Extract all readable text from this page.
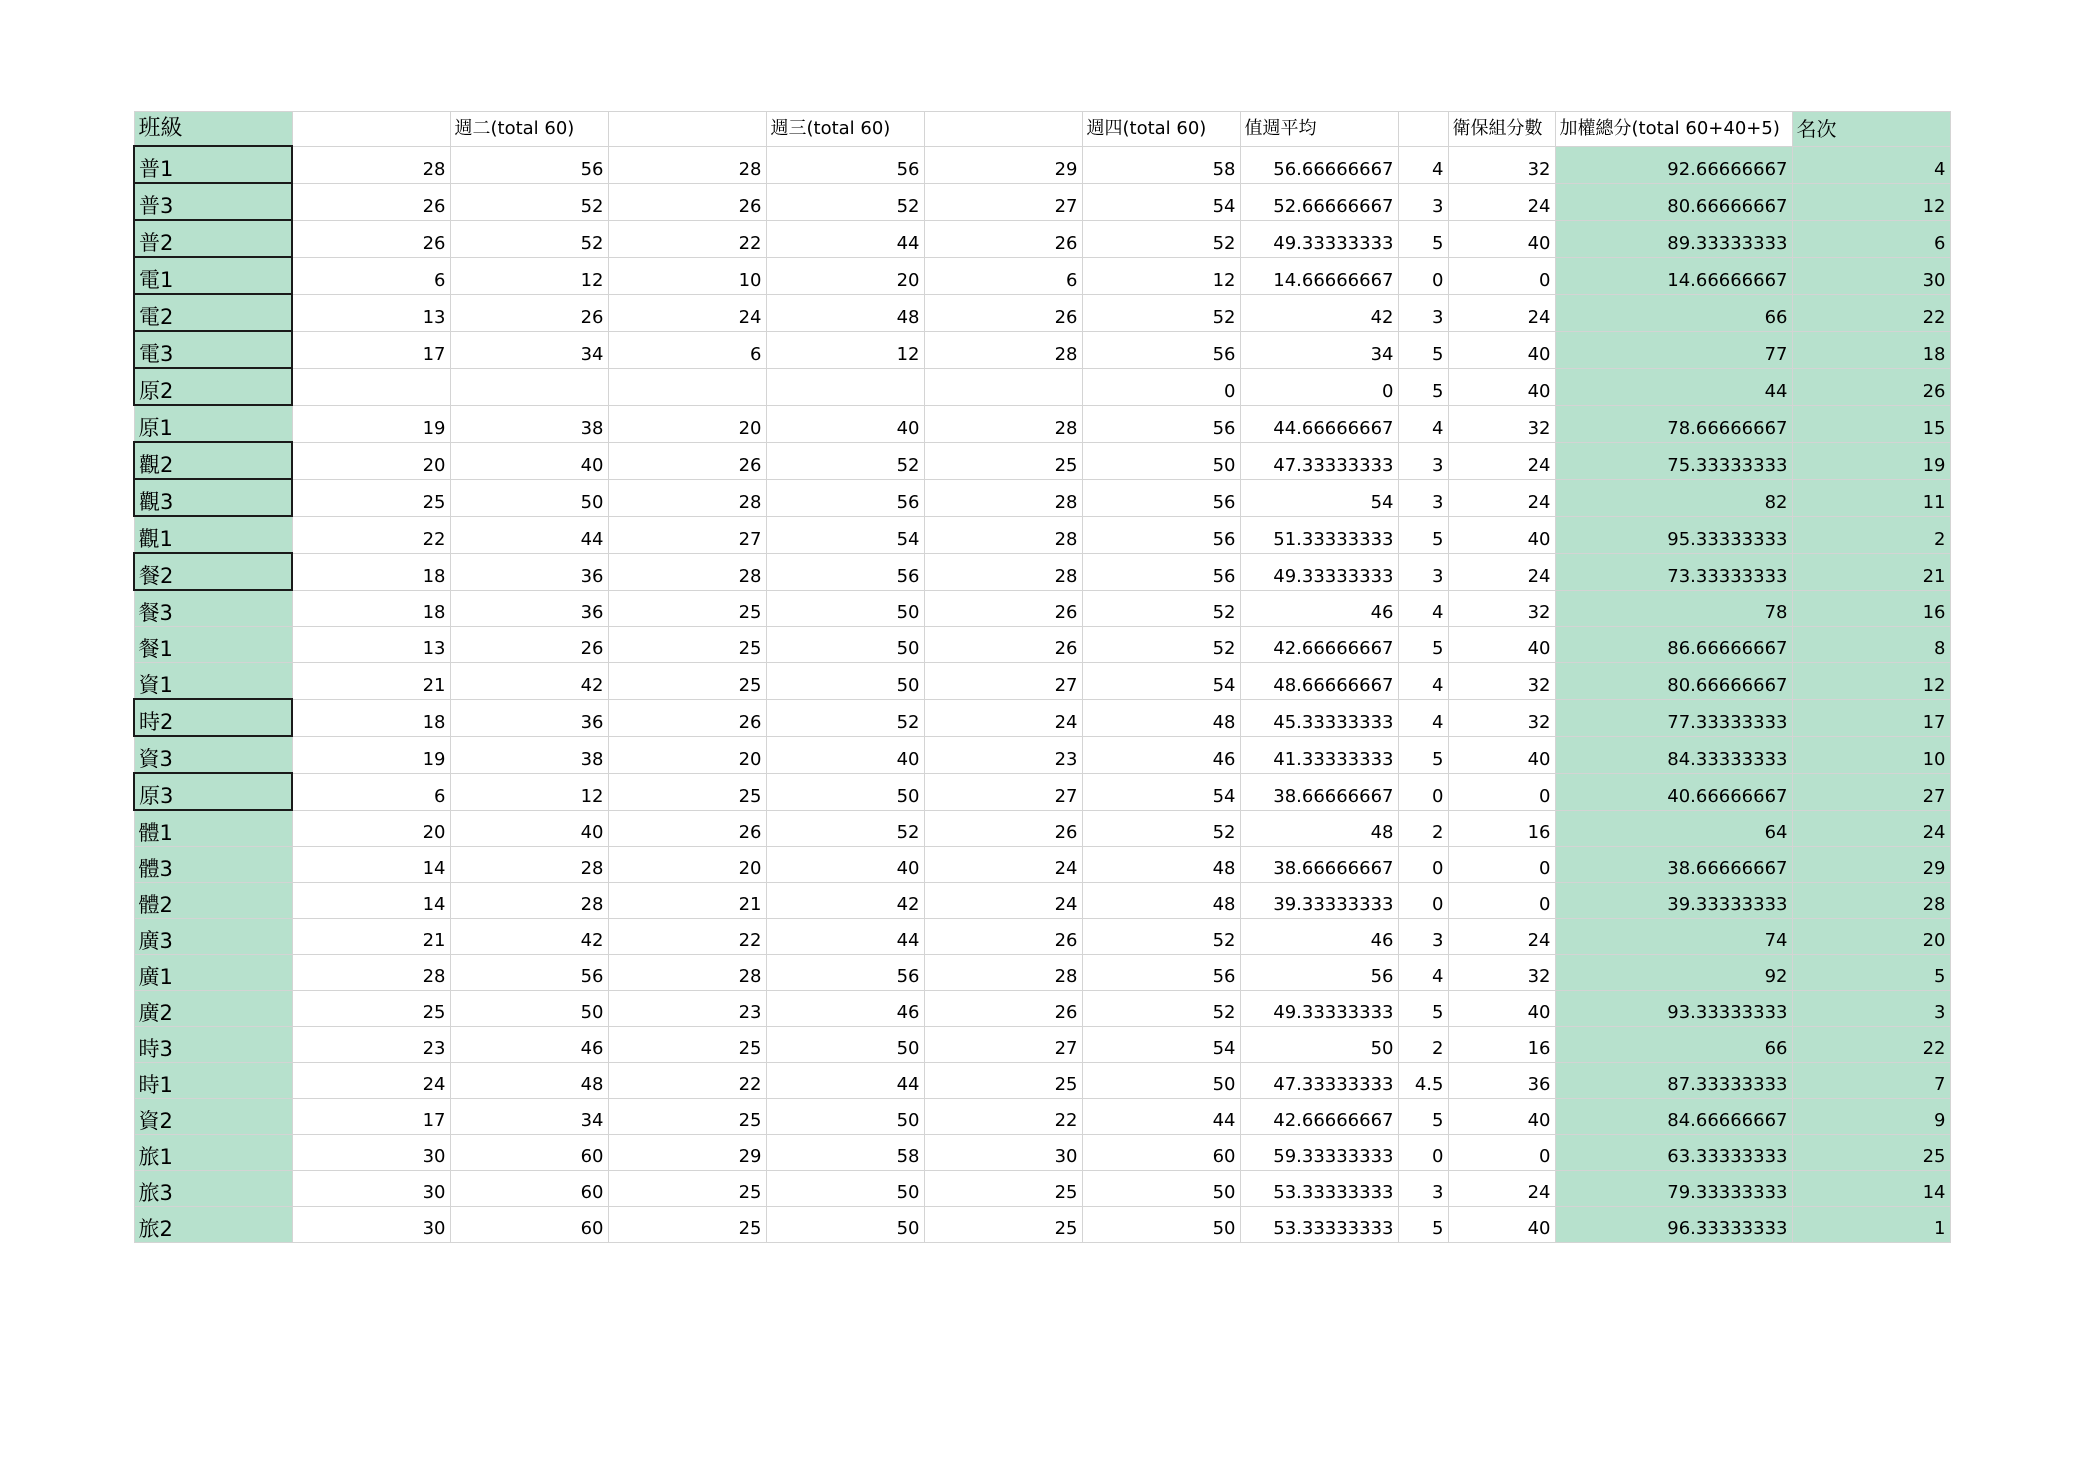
班級		週二(total 60)		週三(total 60)		週四(total 60)	值週平均		衛保組分數	加權總分(total 60+40+5)	名次
普1	28	56	28	56	29	58	56.66666667	4	32	92.66666667	4
普3	26	52	26	52	27	54	52.66666667	3	24	80.66666667	12
普2	26	52	22	44	26	52	49.33333333	5	40	89.33333333	6
電1	6	12	10	20	6	12	14.66666667	0	0	14.66666667	30
電2	13	26	24	48	26	52	42	3	24	66	22
電3	17	34	6	12	28	56	34	5	40	77	18
原2						0	0	5	40	44	26
原1	19	38	20	40	28	56	44.66666667	4	32	78.66666667	15
觀2	20	40	26	52	25	50	47.33333333	3	24	75.33333333	19
觀3	25	50	28	56	28	56	54	3	24	82	11
觀1	22	44	27	54	28	56	51.33333333	5	40	95.33333333	2
餐2	18	36	28	56	28	56	49.33333333	3	24	73.33333333	21
餐3	18	36	25	50	26	52	46	4	32	78	16
餐1	13	26	25	50	26	52	42.66666667	5	40	86.66666667	8
資1	21	42	25	50	27	54	48.66666667	4	32	80.66666667	12
時2	18	36	26	52	24	48	45.33333333	4	32	77.33333333	17
資3	19	38	20	40	23	46	41.33333333	5	40	84.33333333	10
原3	6	12	25	50	27	54	38.66666667	0	0	40.66666667	27
體1	20	40	26	52	26	52	48	2	16	64	24
體3	14	28	20	40	24	48	38.66666667	0	0	38.66666667	29
體2	14	28	21	42	24	48	39.33333333	0	0	39.33333333	28
廣3	21	42	22	44	26	52	46	3	24	74	20
廣1	28	56	28	56	28	56	56	4	32	92	5
廣2	25	50	23	46	26	52	49.33333333	5	40	93.33333333	3
時3	23	46	25	50	27	54	50	2	16	66	22
時1	24	48	22	44	25	50	47.33333333	4.5	36	87.33333333	7
資2	17	34	25	50	22	44	42.66666667	5	40	84.66666667	9
旅1	30	60	29	58	30	60	59.33333333	0	0	63.33333333	25
旅3	30	60	25	50	25	50	53.33333333	3	24	79.33333333	14
旅2	30	60	25	50	25	50	53.33333333	5	40	96.33333333	1
